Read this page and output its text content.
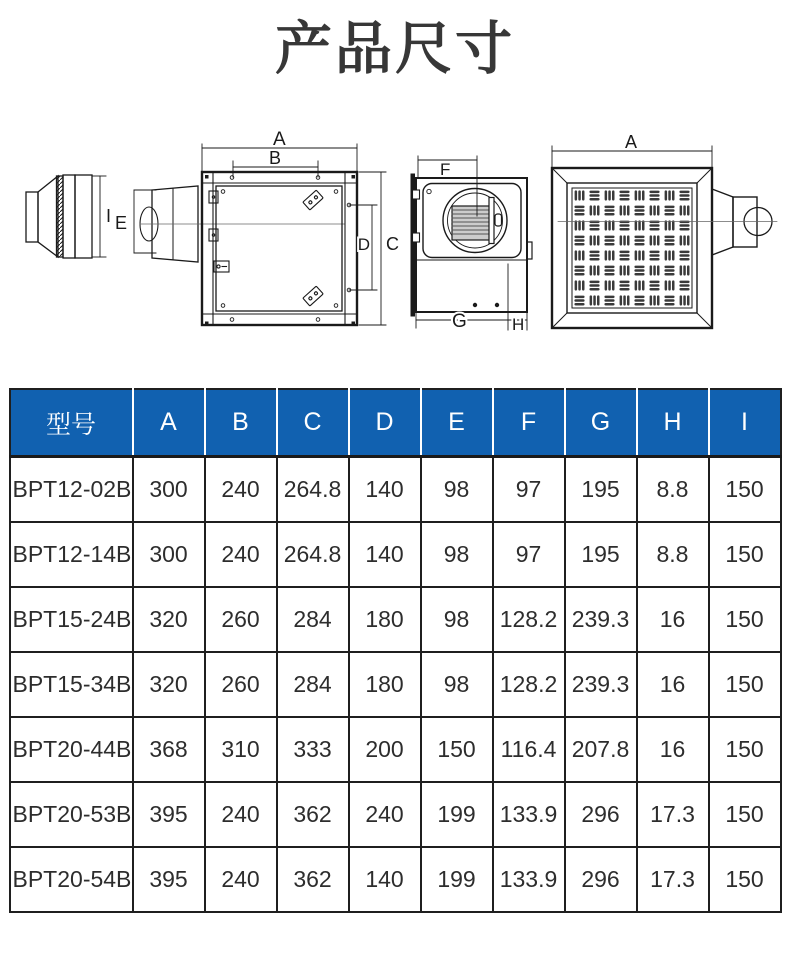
产品尺寸
I E
A
B
D C
F
G	H
A
型号	A	B	C	D	E	F	G	H	I
BPT12-02B	300	240	264.8	140	98	97	195	8.8	150
BPT12-14B	300	240	264.8	140	98	97	195	8.8	150
BPT15-24B	320	260	284	180	98	128.2	239.3	16	150
BPT15-34B	320	260	284	180	98	128.2	239.3	16	150
BPT20-44B	368	310	333	200	150	116.4	207.8	16	150
BPT20-53B	395	240	362	240	199	133.9	296	17.3	150
BPT20-54B	395	240	362	140	199	133.9	296	17.3	150
